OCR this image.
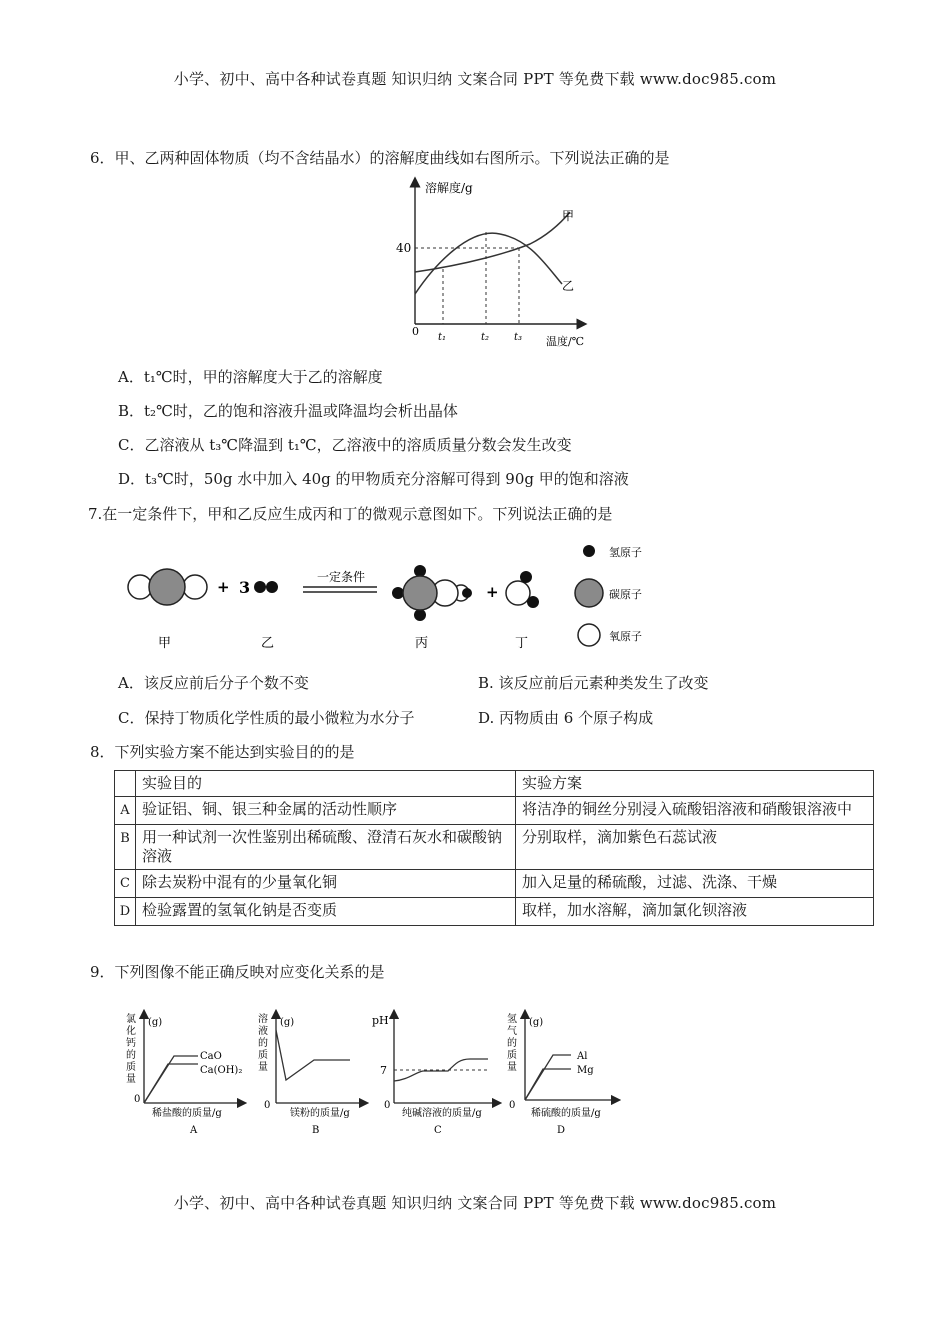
小学、初中、高中各种试卷真题 知识归纳 文案合同 PPT 等免费下载 www.doc985.com
小学、初中、高中各种试卷真题 知识归纳 文案合同 PPT 等免费下载 www.doc985.com
6．甲、乙两种固体物质（均不含结晶水）的溶解度曲线如右图所示。下列说法正确的是
溶解度/g
温度/℃
0
40
甲
乙
t₁	t₂ t₃
A．t₁℃时，甲的溶解度大于乙的溶解度
B．t₂℃时，乙的饱和溶液升温或降温均会析出晶体
C．乙溶液从 t₃℃降温到 t₁℃，乙溶液中的溶质质量分数会发生改变
D．t₃℃时，50g 水中加入 40g 的甲物质充分溶解可得到 90g 甲的饱和溶液
7.在一定条件下，甲和乙反应生成丙和丁的微观示意图如下。下列说法正确的是
甲
+ 3
乙
一定条件
丙
+
丁
氢原子
碳原子
氧原子
A．该反应前后分子个数不变	B. 该反应前后元素种类发生了改变
C．保持丁物质化学性质的最小微粒为水分子	D. 丙物质由 6 个原子构成
8．下列实验方案不能达到实验目的的是
	实验目的	实验方案
A	验证铝、铜、银三种金属的活动性顺序	将洁净的铜丝分别浸入硫酸铝溶液和硝酸银溶液中
B	用一种试剂一次性鉴别出稀硫酸、澄清石灰水和碳酸钠溶液	分别取样，滴加紫色石蕊试液
C	除去炭粉中混有的少量氧化铜	加入足量的稀硫酸，过滤、洗涤、干燥
D	检验露置的氢氧化钠是否变质	取样，加水溶解，滴加氯化钡溶液
9．下列图像不能正确反映对应变化关系的是
氯化钙的质量
(g)
0
CaO
Ca(OH)₂
稀盐酸的质量/g
A
溶液的质量
(g)
0
镁粉的质量/g
B
pH
7
0
纯碱溶液的质量/g
C
氢气的质量
(g)
0
Al
Mg
稀硫酸的质量/g
D
